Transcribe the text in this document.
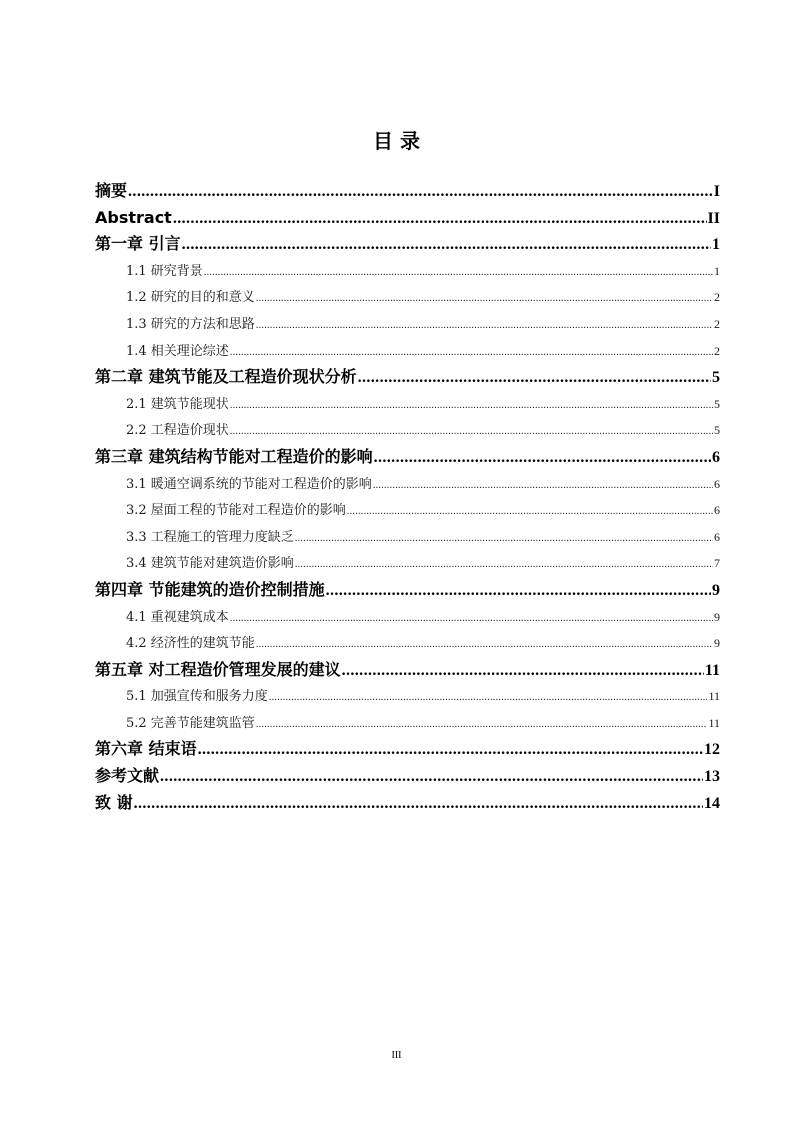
目 录
摘要 .....	I
Abstract .....	II
第一章 引言 .....	1
1.1 研究背景 .....	1
1.2 研究的目的和意义 .....	2
1.3 研究的方法和思路 .....	2
1.4 相关理论综述 .....	2
第二章 建筑节能及工程造价现状分析 .....	5
2.1 建筑节能现状 .....	5
2.2 工程造价现状 .....	5
第三章 建筑结构节能对工程造价的影响 .....	6
3.1 暖通空调系统的节能对工程造价的影响 .....	6
3.2 屋面工程的节能对工程造价的影响 .....	6
3.3 工程施工的管理力度缺乏 .....	6
3.4 建筑节能对建筑造价影响 .....	7
第四章 节能建筑的造价控制措施 .....	9
4.1 重视建筑成本 .....	9
4.2 经济性的建筑节能 .....	9
第五章 对工程造价管理发展的建议 .....	11
5.1 加强宣传和服务力度 .....	11
5.2 完善节能建筑监管 .....	11
第六章 结束语 .....	12
参考文献 .....	13
致 谢 .....	14
III
